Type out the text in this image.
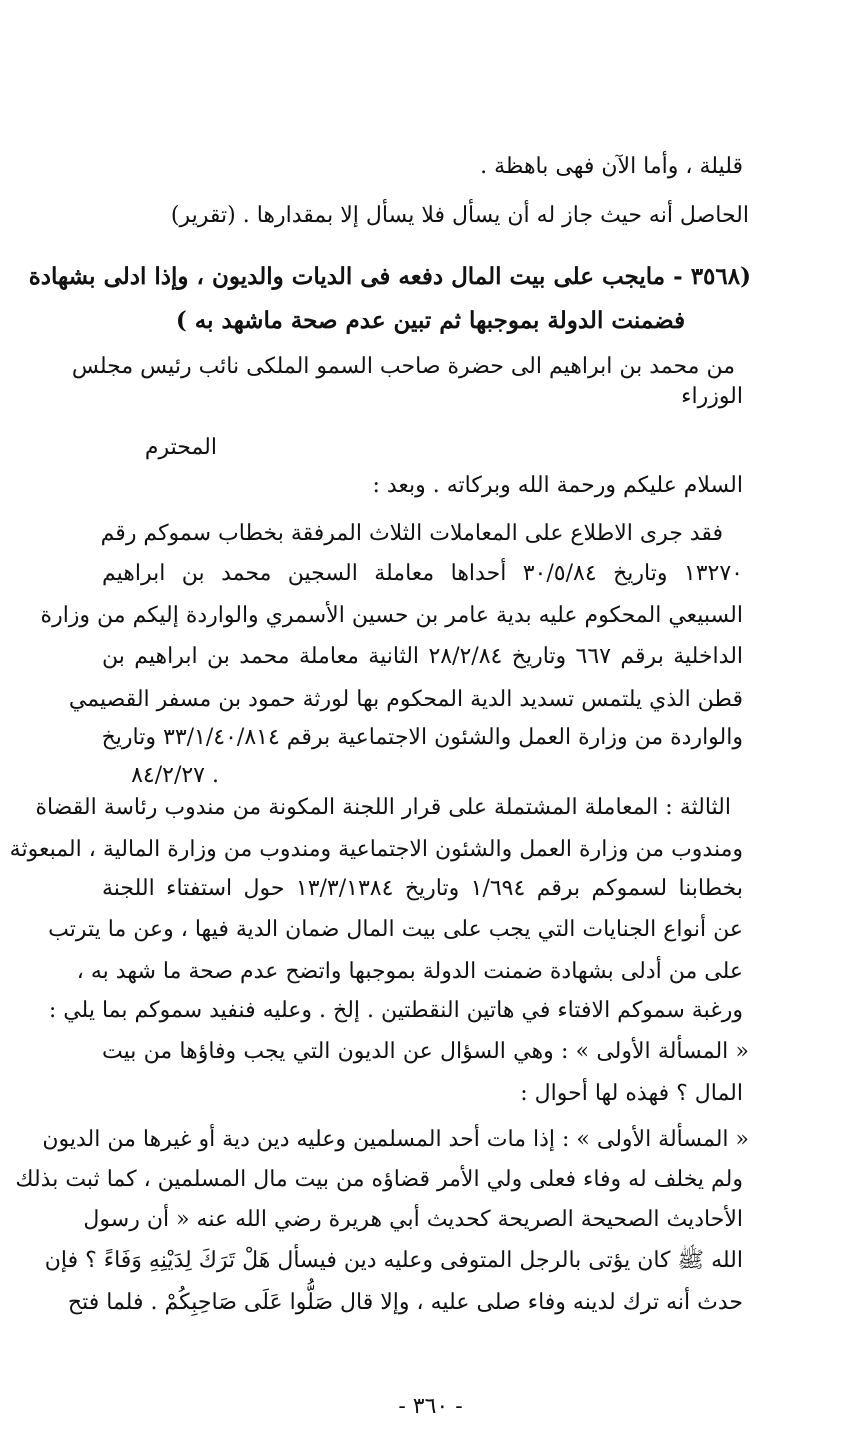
قليلة ، وأما الآن فهى باهظة .
الحاصل أنه حيث جاز له أن يسأل فلا يسأل إلا بمقدارها . (تقرير)
(٣٥٦٨ - مايجب على بيت المال دفعه فى الديات والديون ، وإذا ادلى بشهادة
فضمنت الدولة بموجبها ثم تبين عدم صحة ماشهد به )
من محمد بن ابراهيم الى حضرة صاحب السمو الملكى نائب رئيس مجلس
الوزراء
المحترم
السلام عليكم ورحمة الله وبركاته . وبعد :
فقد جرى الاطلاع على المعاملات الثلاث المرفقة بخطاب سموكم رقم
١٣٢٧٠ وتاريخ ٣٠/٥/٨٤ أحداها معاملة السجين محمد بن ابراهيم
السبيعي المحكوم عليه بدية عامر بن حسين الأسمري والواردة إليكم من وزارة
الداخلية برقم ٦٦٧ وتاريخ ٢٨/٢/٨٤ الثانية معاملة محمد بن ابراهيم بن
قطن الذي يلتمس تسديد الدية المحكوم بها لورثة حمود بن مسفر القصيمي
والواردة من وزارة العمل والشئون الاجتماعية برقم ٣٣/١/٤٠/٨١٤ وتاريخ
٨٤/٢/٢٧ .
الثالثة : المعاملة المشتملة على قرار اللجنة المكونة من مندوب رئاسة القضاة
ومندوب من وزارة العمل والشئون الاجتماعية ومندوب من وزارة المالية ، المبعوثة
بخطابنا لسموكم برقم ١/٦٩٤ وتاريخ ١٣/٣/١٣٨٤ حول استفتاء اللجنة
عن أنواع الجنايات التي يجب على بيت المال ضمان الدية فيها ، وعن ما يترتب
على من أدلى بشهادة ضمنت الدولة بموجبها واتضح عدم صحة ما شهد به ،
ورغبة سموكم الافتاء في هاتين النقطتين . إلخ . وعليه فنفيد سموكم بما يلي :
« المسألة الأولى » : وهي السؤال عن الديون التي يجب وفاؤها من بيت
المال ؟ فهذه لها أحوال :
« المسألة الأولى » : إذا مات أحد المسلمين وعليه دين دية أو غيرها من الديون
ولم يخلف له وفاء فعلى ولي الأمر قضاؤه من بيت مال المسلمين ، كما ثبت بذلك
الأحاديث الصحيحة الصريحة كحديث أبي هريرة رضي الله عنه « أن رسول
الله ﷺ كان يؤتى بالرجل المتوفى وعليه دين فيسأل هَلْ تَرَكَ لِدَيْنِهِ وَفَاءً ؟ فإن
حدث أنه ترك لدينه وفاء صلى عليه ، وإلا قال صَلُّوا عَلَى صَاحِبِكُمْ . فلما فتح
- ٣٦٠ -
